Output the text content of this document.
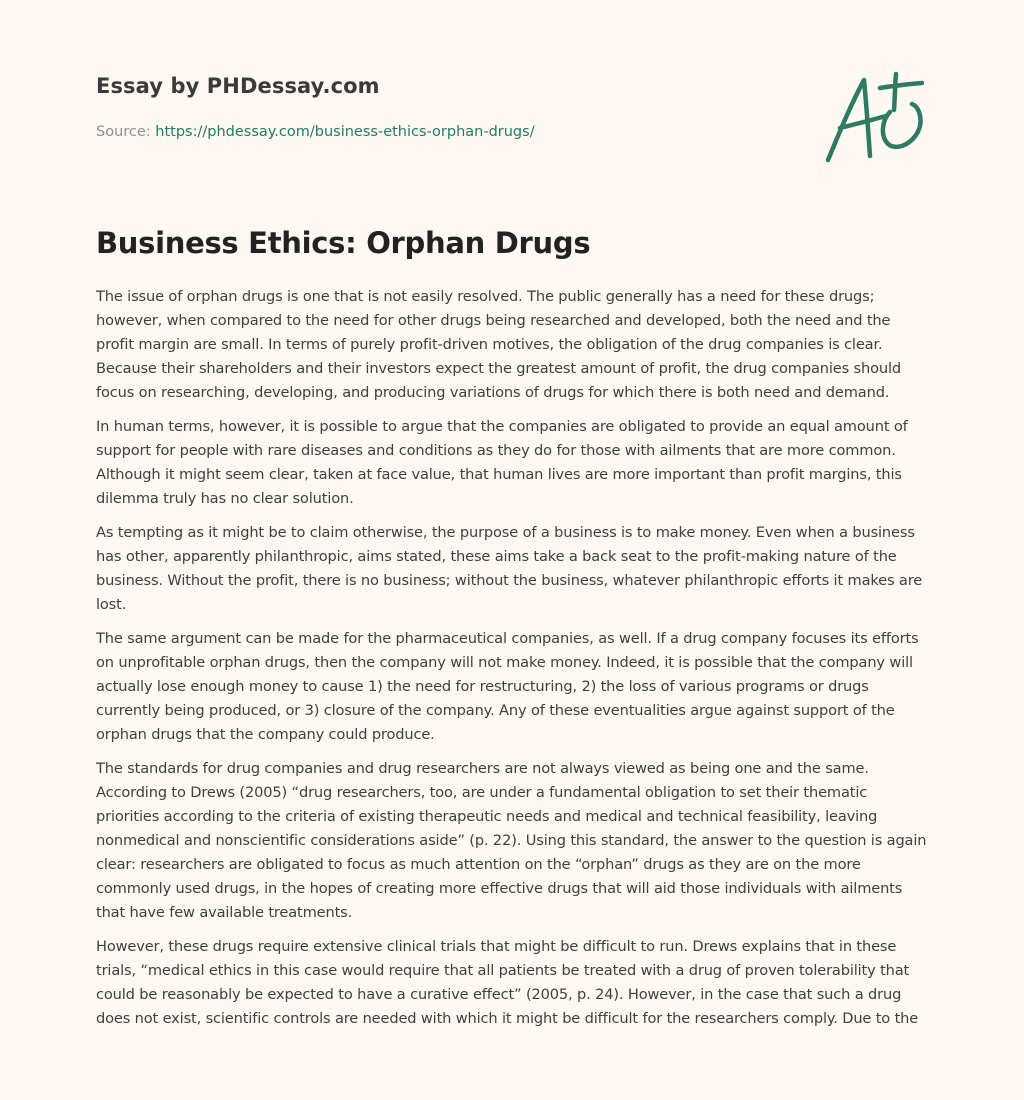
Essay by PHDessay.com
Source: https://phdessay.com/business-ethics-orphan-drugs/
Business Ethics: Orphan Drugs

The issue of orphan drugs is one that is not easily resolved. The public generally has a need for these drugs; however, when compared to the need for other drugs being researched and developed, both the need and the profit margin are small. In terms of purely profit-driven motives, the obligation of the drug companies is clear. Because their shareholders and their investors expect the greatest amount of profit, the drug companies should focus on researching, developing, and producing variations of drugs for which there is both need and demand.

In human terms, however, it is possible to argue that the companies are obligated to provide an equal amount of support for people with rare diseases and conditions as they do for those with ailments that are more common. Although it might seem clear, taken at face value, that human lives are more important than profit margins, this dilemma truly has no clear solution.

As tempting as it might be to claim otherwise, the purpose of a business is to make money. Even when a business has other, apparently philanthropic, aims stated, these aims take a back seat to the profit-making nature of the business. Without the profit, there is no business; without the business, whatever philanthropic efforts it makes are lost.

The same argument can be made for the pharmaceutical companies, as well. If a drug company focuses its efforts on unprofitable orphan drugs, then the company will not make money. Indeed, it is possible that the company will actually lose enough money to cause 1) the need for restructuring, 2) the loss of various programs or drugs currently being produced, or 3) closure of the company. Any of these eventualities argue against support of the orphan drugs that the company could produce.

The standards for drug companies and drug researchers are not always viewed as being one and the same. According to Drews (2005) “drug researchers, too, are under a fundamental obligation to set their thematic priorities according to the criteria of existing therapeutic needs and medical and technical feasibility, leaving nonmedical and nonscientific considerations aside” (p. 22). Using this standard, the answer to the question is again clear: researchers are obligated to focus as much attention on the “orphan” drugs as they are on the more commonly used drugs, in the hopes of creating more effective drugs that will aid those individuals with ailments that have few available treatments.

However, these drugs require extensive clinical trials that might be difficult to run. Drews explains that in these trials, “medical ethics in this case would require that all patients be treated with a drug of proven tolerability that could be reasonably be expected to have a curative effect” (2005, p. 24). However, in the case that such a drug does not exist, scientific controls are needed with which it might be difficult for the researchers comply. Due to the
